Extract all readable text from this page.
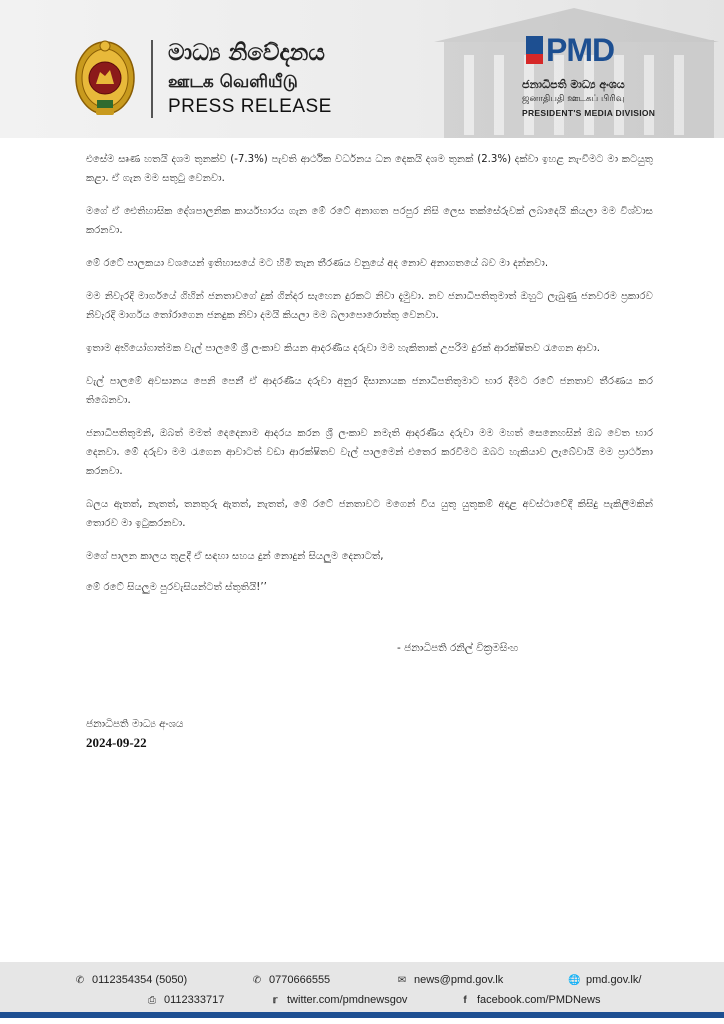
මාධ්‍ය නිවේදනය
ஊடக வெளியீடு
PRESS RELEASE
PMD
ජනාධිපති මාධ්‍ය අංශය
ஜனாதிபதி ஊடகப் பிரிவு
PRESIDENT'S MEDIA DIVISION

එසේම සෘණ හතයි දශම තුනක්ව (-7.3%) පැවති ආර්ථික වර්ධනය ධන දෙකයි දශම තුනක් (2.3%) දක්වා ඉහළ නැංවීමට මා කටයුතු කළා. ඒ ගැන මම සතුටු වෙනවා.

මගේ ඒ ඓතිහාසික දේශපාලනික කාර්යභාරය ගැන මේ රටේ අනාගත පරපුර නිසි ලෙස තක්සේරුවක් ලබාදෙයි කියලා මම විශ්වාස කරනවා.

මේ රටේ පාලකයා වශයෙන් ඉතිහාසයේ මට හිමි තැන තීරණය වනුයේ අද නොව අනාගතයේ බව මා දන්නවා.

මම නිවැරදි මාර්ගයේ ගිහින් ජනතාවගේ දුක් ගින්දර සැහෙන දුරකට නිවා දැමුවා. නව ජනාධිපතිතුමාත් ඔහුට ලැබුණු ජනවරම ප්‍රකාරව නිවැරදි මාර්ගය තෝරාගෙන ජනදුක නිවා දමයි කියලා මම බලාපොරොත්තු වෙනවා.

ඉතාම අභියෝගාත්මක වැල් පාලමේ ශ්‍රී ලංකාව කියන ආදරණීය දරුවා මම හැකිතාක් උපරිම දුරක් ආරක්ෂිතව රැගෙන ආවා.

වැල් පාලමේ අවසානය පෙනි පෙනී ඒ ආදරණීය දරුවා අනුර දිසානායක ජනාධිපතිතුමාට භාර දීමට රටේ ජනතාව තීරණය කර තිබෙනවා.

ජනාධිපතිතුමනි, ඔබත් මමත් දෙදෙනාම ආදරය කරන ශ්‍රී ලංකාව නමැති ආදරණීය දරුවා මම මහත් සෙනෙහසින් ඔබ වෙත භාර දෙනවා. මේ දරුවා මම රැගෙන ආවාටත් වඩා ආරක්ෂිතව වැල් පාලමෙන් එතෙර කරවීමට ඔබට හැකියාව ලැබේවායි මම ප්‍රාර්ථනා කරනවා.

බලය ඇතත්, නැතත්, තනතුරු ඇතත්, නැතත්, මේ රටේ ජනතාවට මගෙන් විය යුතු යුතුකම් අදාළ අවස්ථාවේදී කිසිදු පැකිලීමකින් තොරව මා ඉටුකරනවා.

මගේ පාලන කාලය තුළදී ඒ සඳහා සහය දුන් නොදුන් සියලුම දෙනාටත්,

මේ රටේ සියලුම පුරවැසියන්ටත් ස්තුතියි!’’

- ජනාධිපති රනිල් වික්‍රමසිංහ
ජනාධිපති මාධ්‍ය අංශය
2024-09-22
✆ 0112354354 (5050)	✆ 0770666555	✉ news@pmd.gov.lk	🌐 pmd.gov.lk/
⎙ 0112333717	𝕣 twitter.com/pmdnewsgov	f facebook.com/PMDNews
